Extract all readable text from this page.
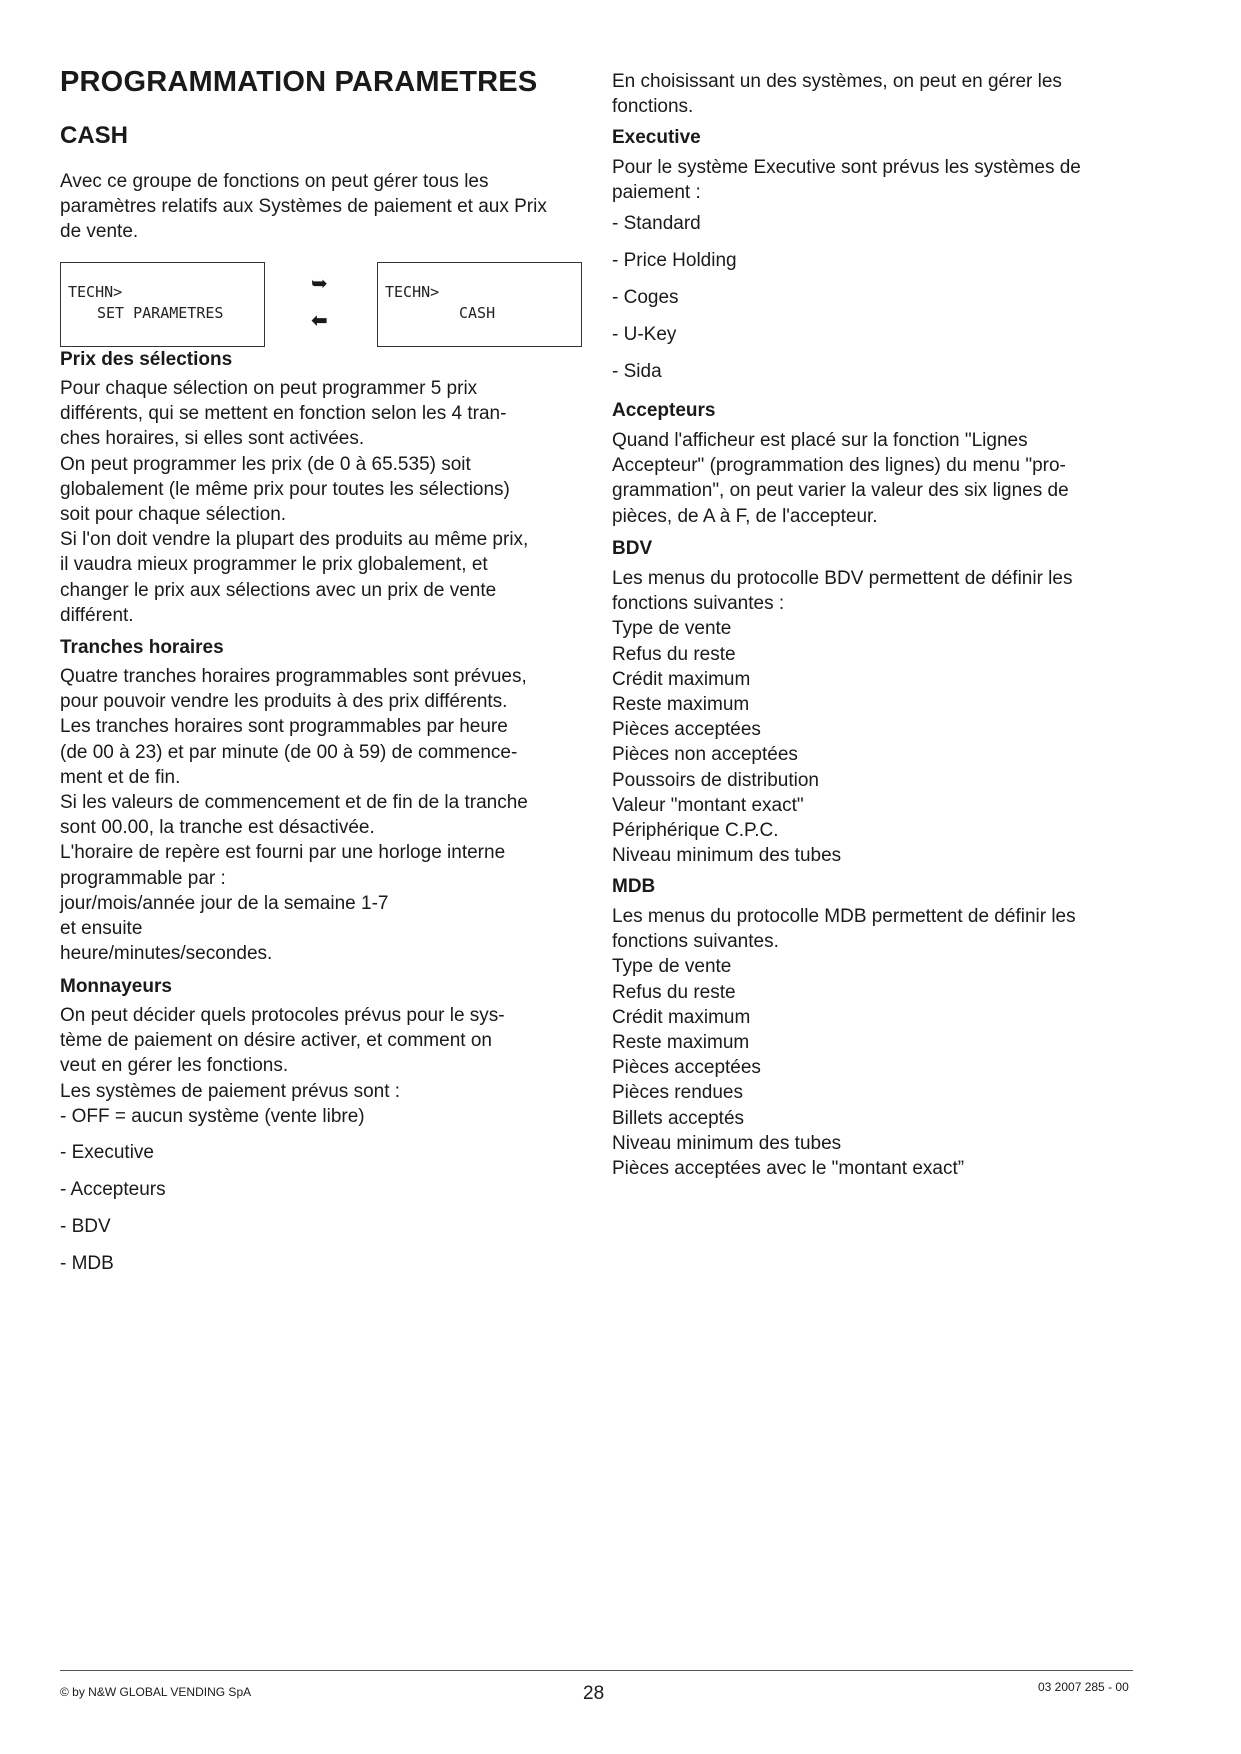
PROGRAMMATION PARAMETRES
CASH

Avec ce groupe de fonctions on peut gérer tous les paramètres relatifs aux Systèmes de paiement et aux Prix de vente.

Prix des sélections
Pour chaque sélection on peut programmer 5 prix
différents, qui se mettent en fonction selon les 4 tran-
ches horaires, si elles sont activées.
On peut programmer les prix (de 0 à 65.535) soit
globalement (le même prix pour toutes les sélections)
soit pour chaque sélection.
Si l'on doit vendre la plupart des produits au même prix,
il vaudra mieux programmer le prix globalement, et
changer le prix aux sélections avec un prix de vente
différent.
Tranches horaires
Quatre tranches horaires programmables sont prévues,
pour pouvoir vendre les produits à des prix différents.
Les tranches horaires sont programmables par heure
(de 00 à 23) et par minute (de 00 à 59) de commence-
ment et de fin.
Si les valeurs de commencement et de fin de la tranche
sont 00.00, la tranche est désactivée.
L'horaire de repère est fourni par une horloge interne
programmable par :
jour/mois/année jour de la semaine 1-7
et ensuite
heure/minutes/secondes.
Monnayeurs
On peut décider quels protocoles prévus pour le sys-
tème de paiement on désire activer, et comment on
veut en gérer les fonctions.
Les systèmes de paiement prévus sont :
- OFF = aucun système (vente libre)
- Executive
- Accepteurs
- BDV
- MDB
TECHN>
SET PARAMETRES
➥
⬅
TECHN>
CASH

En choisissant un des systèmes, on peut en gérer les fonctions.

Executive

Pour le système Executive sont prévus les systèmes de paiement :

- Standard
- Price Holding
- Coges
- U-Key
- Sida
Accepteurs
Quand l'afficheur est placé sur la fonction "Lignes
Accepteur" (programmation des lignes) du menu "pro-
grammation", on peut varier la valeur des six lignes de
pièces, de A à F, de l'accepteur.
BDV
Les menus du protocolle BDV permettent de définir les
fonctions suivantes :
Type de vente
Refus du reste
Crédit maximum
Reste maximum
Pièces acceptées
Pièces non acceptées
Poussoirs de distribution
Valeur "montant exact"
Périphérique C.P.C.
Niveau minimum des tubes
MDB
Les menus du protocolle MDB permettent de définir les
fonctions suivantes.
Type de vente
Refus du reste
Crédit maximum
Reste maximum
Pièces acceptées
Pièces rendues
Billets acceptés
Niveau minimum des tubes
Pièces acceptées avec le "montant exact”
© by N&W GLOBAL VENDING SpA	28	03 2007 285 - 00
